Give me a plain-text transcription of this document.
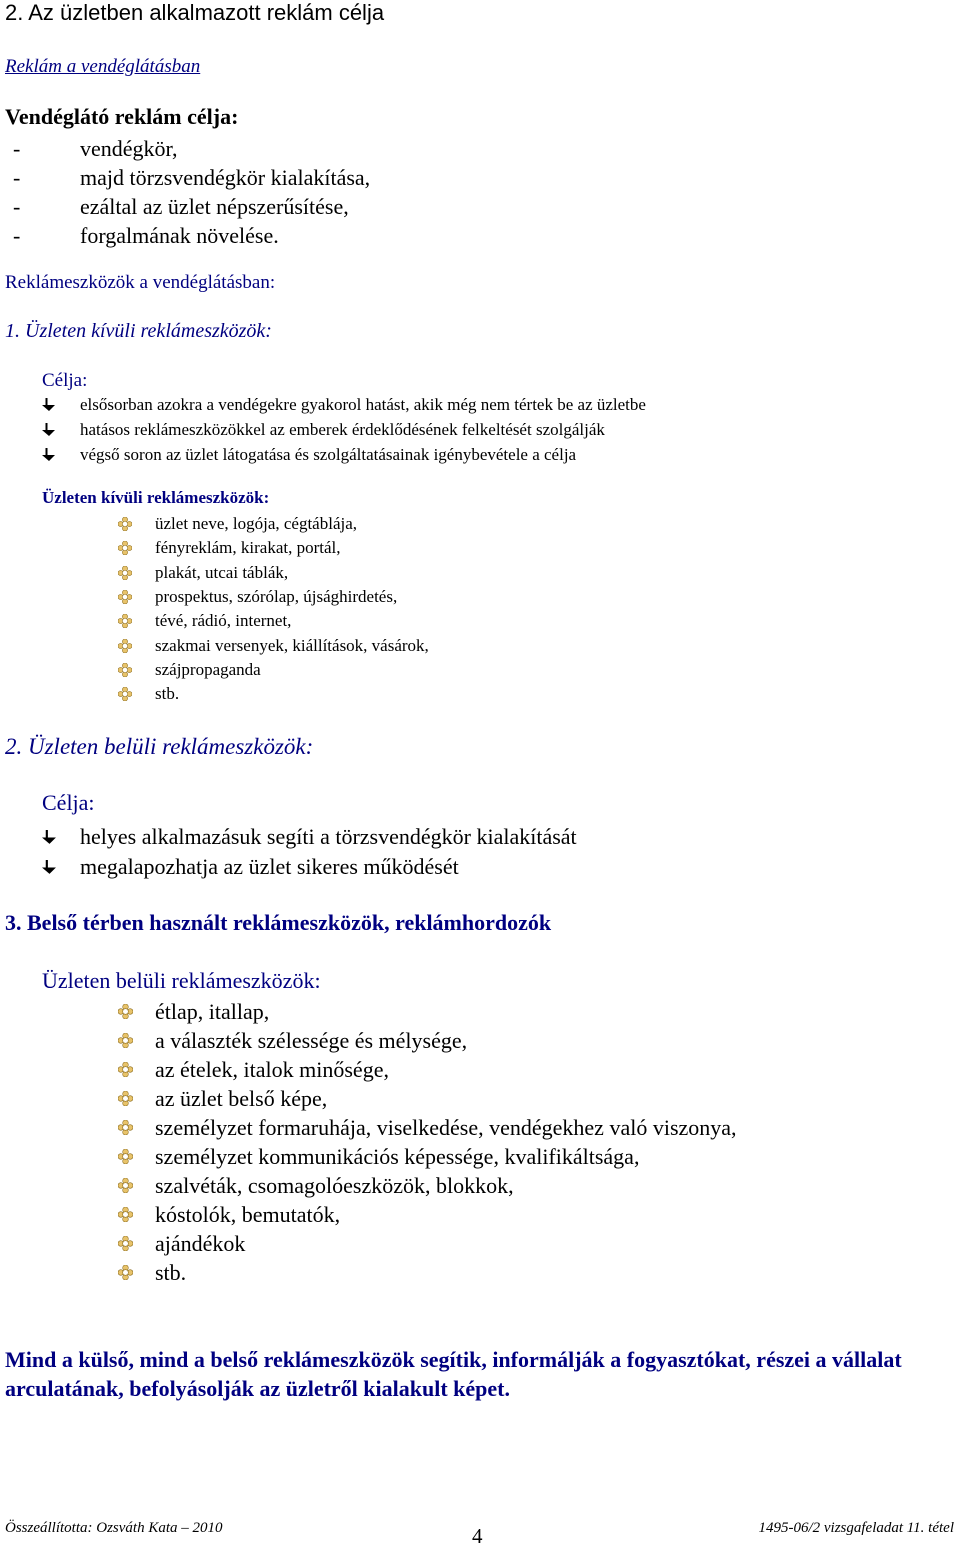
2. Az üzletben alkalmazott reklám célja
Reklám a vendéglátásban
Vendéglátó reklám célja:
-	vendégkör,
-	majd törzsvendégkör kialakítása,
-	ezáltal az üzlet népszerűsítése,
-	forgalmának növelése.
Reklámeszközök a vendéglátásban:
1. Üzleten kívüli reklámeszközök:
Célja:
elsősorban azokra a vendégekre gyakorol hatást, akik még nem tértek be az üzletbe
hatásos reklámeszközökkel az emberek érdeklődésének felkeltését szolgálják
végső soron az üzlet látogatása és szolgáltatásainak igénybevétele a célja
Üzleten kívüli reklámeszközök:
üzlet neve, logója, cégtáblája,
fényreklám, kirakat, portál,
plakát, utcai táblák,
prospektus, szórólap, újsághirdetés,
tévé, rádió, internet,
szakmai versenyek, kiállítások, vásárok,
szájpropaganda
stb.
2. Üzleten belüli reklámeszközök:
Célja:
helyes alkalmazásuk segíti a törzsvendégkör kialakítását
megalapozhatja az üzlet sikeres működését
3. Belső térben használt reklámeszközök, reklámhordozók
Üzleten belüli reklámeszközök:
étlap, itallap,
a választék szélessége és mélysége,
az ételek, italok minősége,
az üzlet belső képe,
személyzet formaruhája, viselkedése, vendégekhez való viszonya,
személyzet kommunikációs képessége, kvalifikáltsága,
szalvéták, csomagolóeszközök, blokkok,
kóstolók, bemutatók,
ajándékok
stb.
Mind a külső, mind a belső reklámeszközök segítik, informálják a fogyasztókat, részei a vállalat arculatának, befolyásolják az üzletről kialakult képet.
Összeállította: Ozsváth Kata – 2010	4	1495-06/2 vizsgafeladat 11. tétel
